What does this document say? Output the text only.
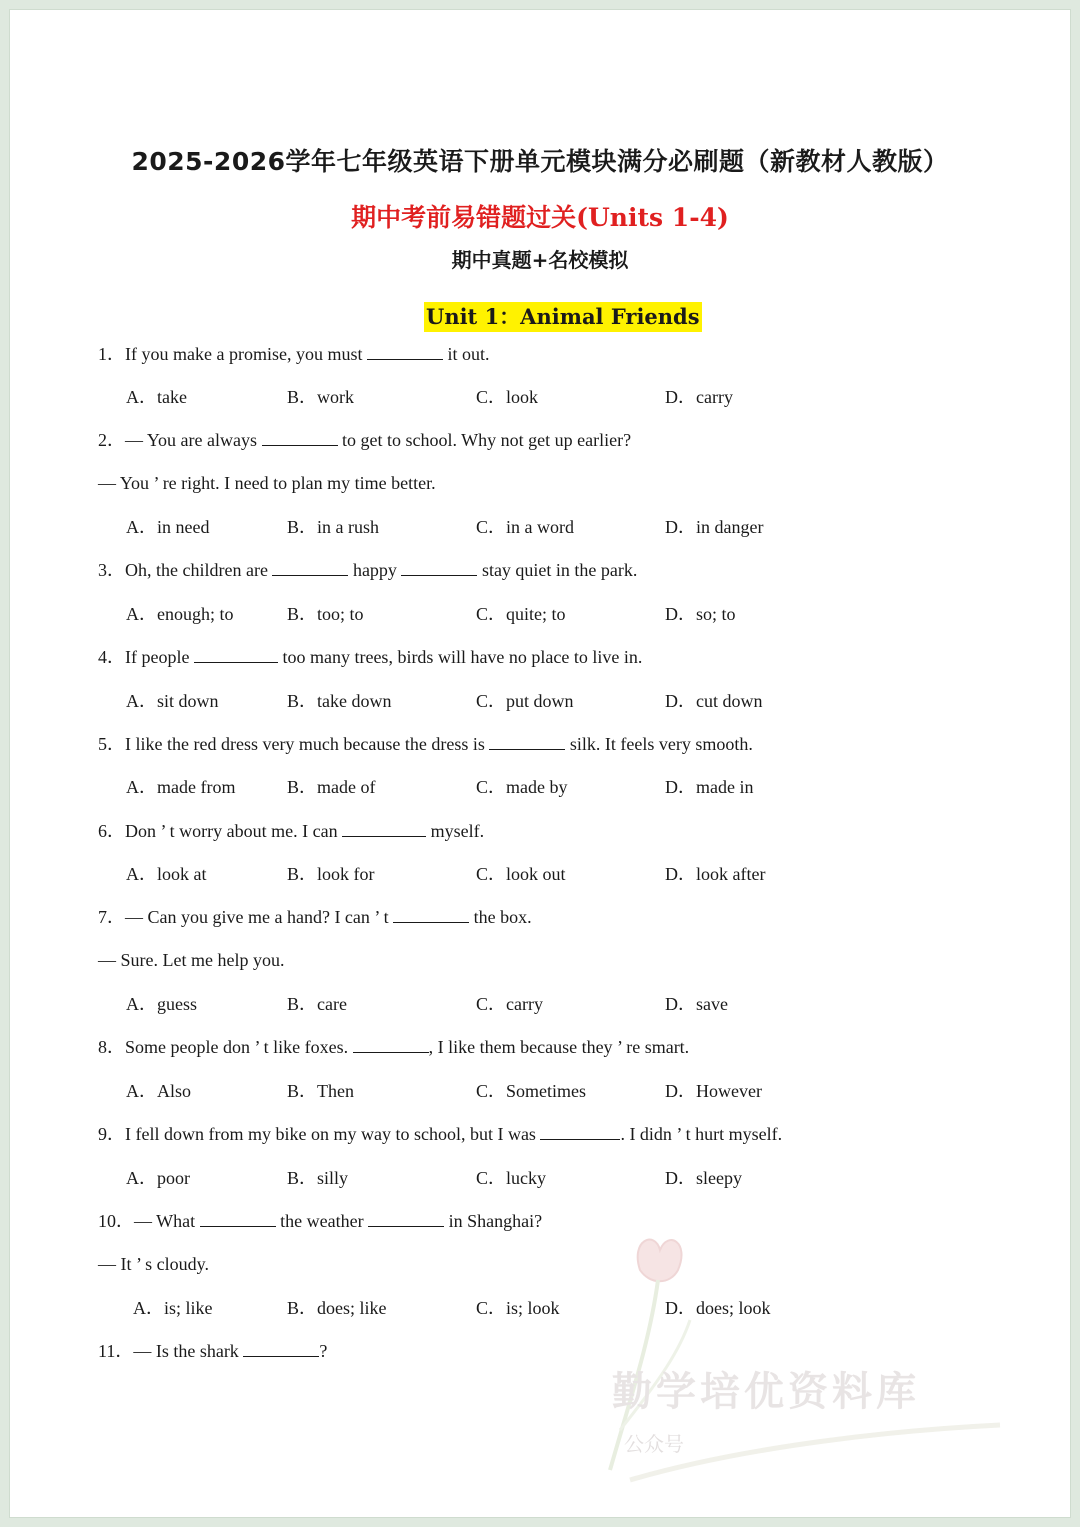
2025-2026学年七年级英语下册单元模块满分必刷题（新教材人教版）
期中考前易错题过关(Units 1-4)
期中真题+名校模拟
Unit 1：Animal Friends
1．If you make a promise, you must	it out.
A．take	B．work	C．look	D．carry
2．— You are always	to get to school. Why not get up earlier?
— You ’ re right. I need to plan my time better.
A．in need	B．in a rush	C．in a word	D．in danger
3．Oh, the children are	happy	stay quiet in the park.
A．enough; to	B．too; to	C．quite; to	D．so; to
4．If people	too many trees, birds will have no place to live in.
A．sit down	B．take down	C．put down	D．cut down
5．I like the red dress very much because the dress is	silk. It feels very smooth.
A．made from	B．made of	C．made by	D．made in
6．Don ’ t worry about me. I can	myself.
A．look at	B．look for	C．look out	D．look after
7．— Can you give me a hand? I can ’ t	the box.
— Sure. Let me help you.
A．guess	B．care	C．carry	D．save
8．Some people don ’ t like foxes.	, I like them because they ’ re smart.
A．Also	B．Then	C．Sometimes	D．However
9．I fell down from my bike on my way to school, but I was	. I didn ’ t hurt myself.
A．poor	B．silly	C．lucky	D．sleepy
10．— What	the weather	in Shanghai?
— It ’ s cloudy.
A．is; like	B．does; like	C．is; look	D．does; look
11．— Is the shark	?
勤学培优资料库
公众号
